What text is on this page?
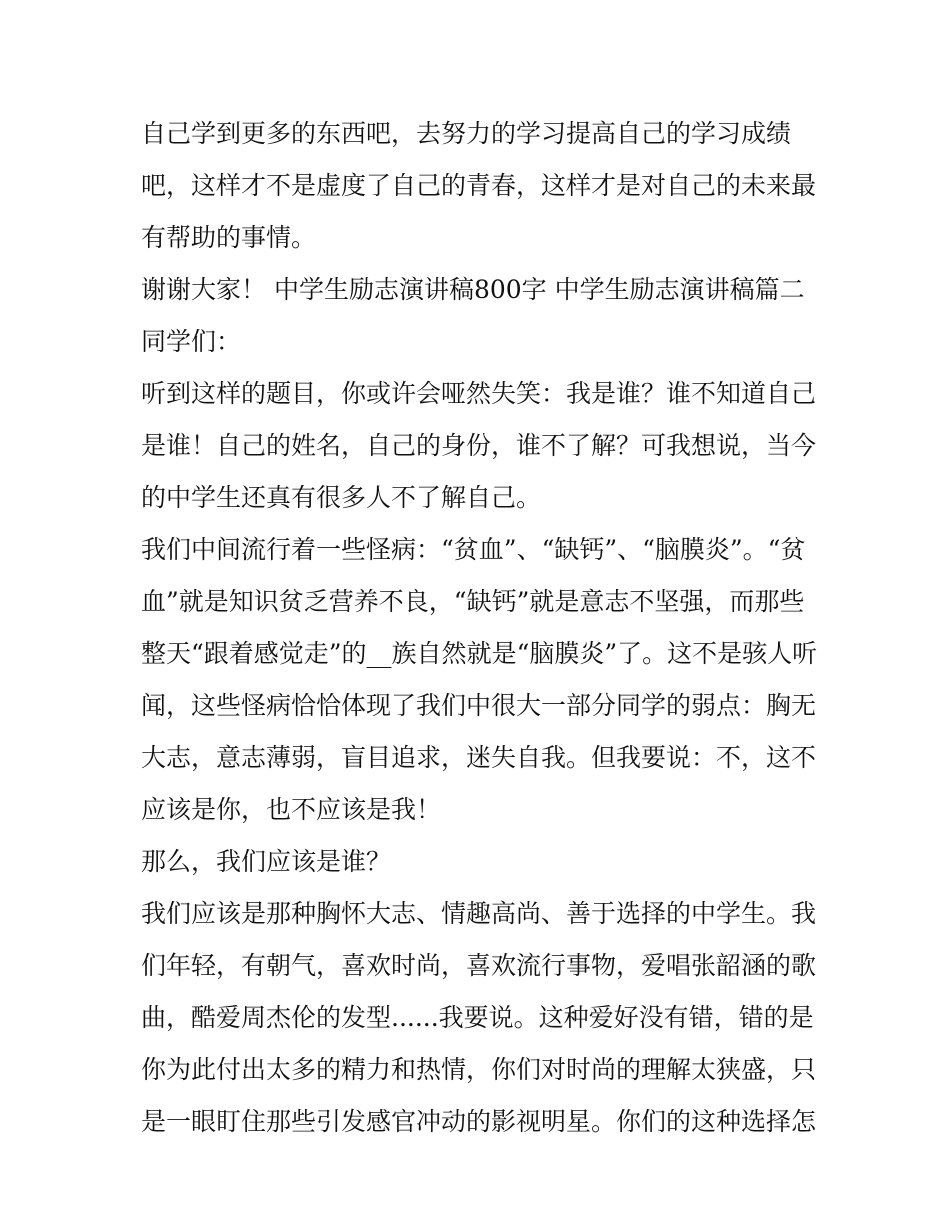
自己学到更多的东西吧，去努力的学习提高自己的学习成绩
吧，这样才不是虚度了自己的青春，这样才是对自己的未来最
有帮助的事情。
谢谢大家！ 中学生励志演讲稿800字 中学生励志演讲稿篇二
同学们：
听到这样的题目，你或许会哑然失笑：我是谁？谁不知道自己
是谁！自己的姓名，自己的身份，谁不了解？可我想说，当今
的中学生还真有很多人不了解自己。
我们中间流行着一些怪病：“贫血”、“缺钙”、“脑膜炎”。“贫
血”就是知识贫乏营养不良，“缺钙”就是意志不坚强，而那些
整天“跟着感觉走”的__族自然就是“脑膜炎”了。这不是骇人听
闻，这些怪病恰恰体现了我们中很大一部分同学的弱点：胸无
大志，意志薄弱，盲目追求，迷失自我。但我要说：不，这不
应该是你，也不应该是我！
那么，我们应该是谁？
我们应该是那种胸怀大志、情趣高尚、善于选择的中学生。我
们年轻，有朝气，喜欢时尚，喜欢流行事物，爱唱张韶涵的歌
曲，酷爱周杰伦的发型......我要说。这种爱好没有错，错的是
你为此付出太多的精力和热情，你们对时尚的理解太狭盛，只
是一眼盯住那些引发感官冲动的影视明星。你们的这种选择怎
